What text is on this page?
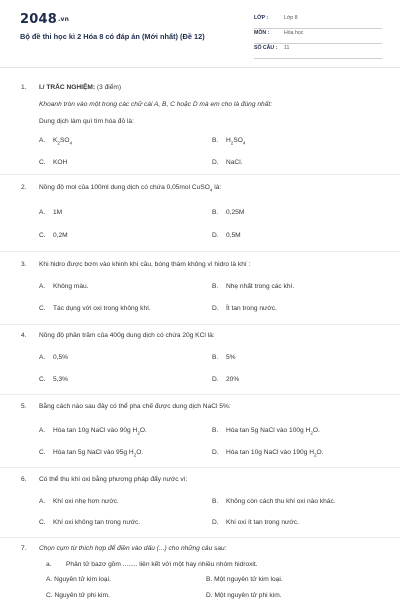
2048.vn
Bộ đề thi học kì 2 Hóa 8 có đáp án (Mới nhất) (Đề 12)
LỚP :	Lớp 8
MÔN :	Hóa học
SỐ CÂU : 11
1. I./ TRẮC NGHIỆM: (3 điểm)
Khoanh tròn vào một trong các chữ cái A, B, C hoặc D mà em cho là đúng nhất:
Dung dịch làm quì tím hóa đỏ là:
A. $K_2SO_4$	B. $H_2SO_4$
C. KOH	D. NaCl.
2. Nồng độ mol của 100ml dung dịch có chứa 0,05mol CuSO$_4$ là:
A. 1M	B. 0,25M
C. 0,2M	D. 0,5M
3. Khi hidro được bơm vào khinh khí cầu, bóng thám không vì hidro là khí :
A. Không màu.	B. Nhẹ nhất trong các khí.
C. Tác dụng với oxi trong không khí.	D. Ít tan trong nước.
4. Nồng độ phần trăm của 400g dung dịch có chứa 20g KCl là:
A. 0,5%	B. 5%
C. 5,3%	D. 20%
5. Bằng cách nào sau đây có thể pha chế được dung dịch NaCl 5%:
A. Hòa tan 10g NaCl vào 90g $H_2O$.	B. Hòa tan 5g NaCl vào 100g $H_2O$.
C. Hòa tan 5g NaCl vào 95g $H_2O$.	D. Hòa tan 10g NaCl vào 190g $H_2O$.
6. Có thể thu khí oxi bằng phương pháp đẩy nước vì:
A. Khí oxi nhẹ hơn nước.	B. Không còn cách thu khí oxi nào khác.
C. Khí oxi không tan trong nước.	D. Khí oxi ít tan trong nước.
7. Chọn cụm từ thích hợp để điền vào dấu (...) cho những câu sau:
a. Phân tử bazơ gồm ........ liên kết với một hay nhiều nhóm hidroxit.
A. Nguyên tử kim loại.	B. Một nguyên tử kim loại.
C. Nguyên tử phi kim.	D. Một nguyên tử phi kim.
